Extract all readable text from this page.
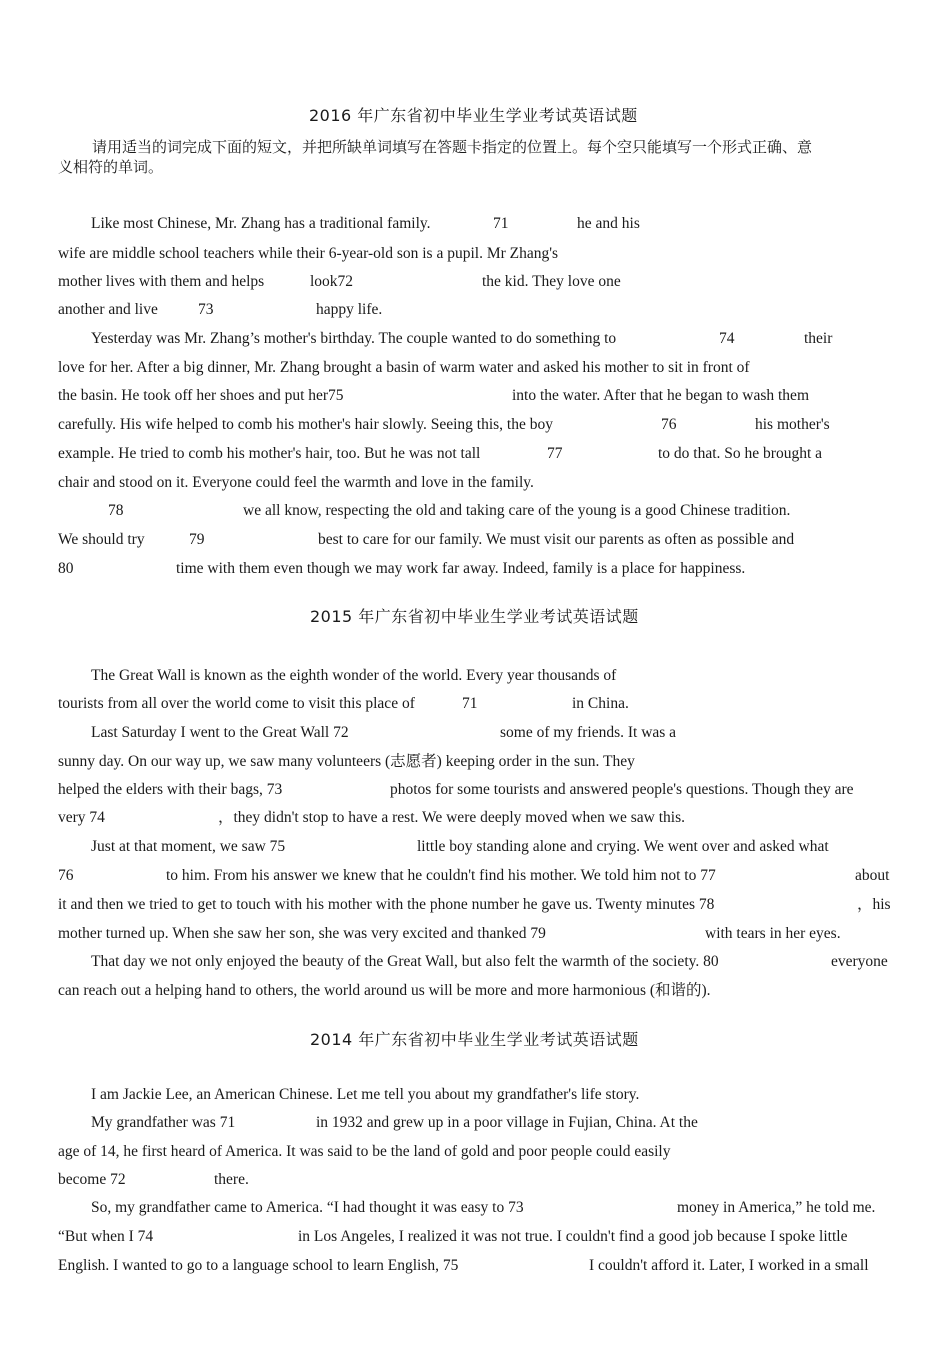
2016 年广东省初中毕业生学业考试英语试题
请用适当的词完成下面的短文，并把所缺单词填写在答题卡指定的位置上。每个空只能填写一个形式正确、意
义相符的单词。
Like most Chinese, Mr. Zhang has a traditional family.	71	he and his
wife are middle school teachers while their 6-year-old son is a pupil. Mr Zhang's
mother lives with them and helps	look72	the kid. They love one
another and live	73	happy life.
Yesterday was Mr. Zhang’s mother's birthday. The couple wanted to do something to	74	their
love for her. After a big dinner, Mr. Zhang brought a basin of warm water and asked his mother to sit in front of
the basin. He took off her shoes and put her75	into the water. After that he began to wash them
carefully. His wife helped to comb his mother's hair slowly. Seeing this, the boy	76	his mother's
example. He tried to comb his mother's hair, too. But he was not tall	77	to do that. So he brought a
chair and stood on it. Everyone could feel the warmth and love in the family.
78	we all know, respecting the old and taking care of the young is a good Chinese tradition.
We should try	79	best to care for our family. We must visit our parents as often as possible and
80	time with them even though we may work far away. Indeed, family is a place for happiness.
2015 年广东省初中毕业生学业考试英语试题
The Great Wall is known as the eighth wonder of the world. Every year thousands of
tourists from all over the world come to visit this place of	71	in China.
Last Saturday I went to the Great Wall 72	some of my friends. It was a
sunny day. On our way up, we saw many volunteers (志愿者) keeping order in the sun. They
helped the elders with their bags, 73	photos for some tourists and answered people's questions. Though they are
very 74	，they didn't stop to have a rest. We were deeply moved when we saw this.
Just at that moment, we saw 75	little boy standing alone and crying. We went over and asked what
76	to him. From his answer we knew that he couldn't find his mother. We told him not to 77	about
it and then we tried to get to touch with his mother with the phone number he gave us. Twenty minutes 78	，his
mother turned up. When she saw her son, she was very excited and thanked 79	with tears in her eyes.
That day we not only enjoyed the beauty of the Great Wall, but also felt the warmth of the society. 80	everyone
can reach out a helping hand to others, the world around us will be more and more harmonious (和谐的).
2014 年广东省初中毕业生学业考试英语试题
I am Jackie Lee, an American Chinese. Let me tell you about my grandfather's life story.
My grandfather was 71	in 1932 and grew up in a poor village in Fujian, China. At the
age of 14, he first heard of America. It was said to be the land of gold and poor people could easily
become 72	there.
So, my grandfather came to America. “I had thought it was easy to 73	money in America,” he told me.
“But when I 74	in Los Angeles, I realized it was not true. I couldn't find a good job because I spoke little
English. I wanted to go to a language school to learn English, 75	I couldn't afford it. Later, I worked in a small
